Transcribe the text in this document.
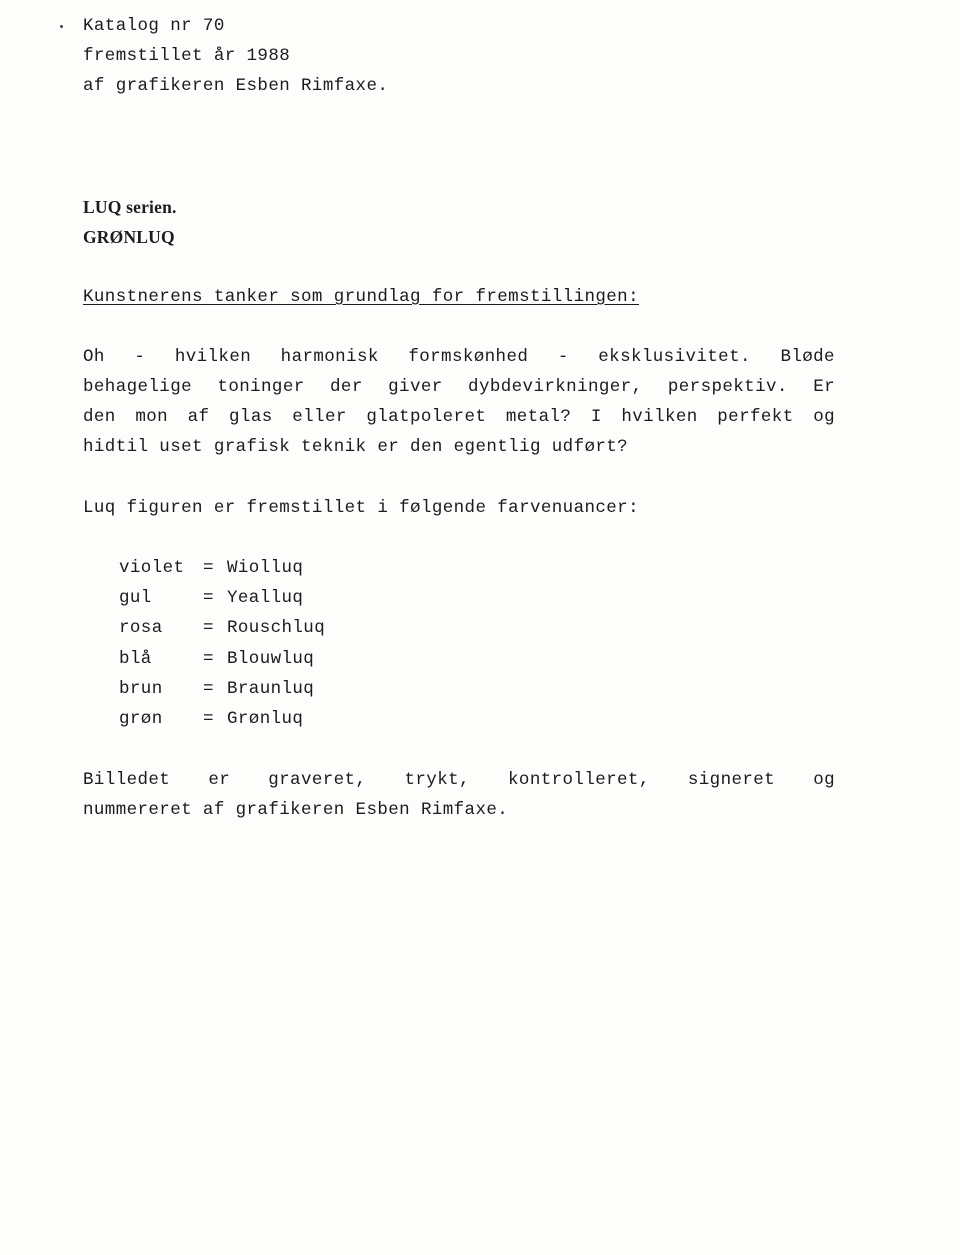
Katalog nr 70
fremstillet år 1988
af grafikeren Esben Rimfaxe.
LUQ serien.
GRØNLUQ
Kunstnerens tanker som grundlag for fremstillingen:
Oh - hvilken harmonisk formskønhed - eksklusivitet. Bløde
behagelige toninger der giver dybdevirkninger, perspektiv. Er
den mon af glas eller glatpoleret metal? I hvilken perfekt og
hidtil uset grafisk teknik er den egentlig udført?
Luq figuren er fremstillet i følgende farvenuancer:
violet = Wiolluq
gul	= Yealluq
rosa = Rouschluq
blå	= Blouwluq
brun = Braunluq
grøn = Grønluq
Billedet er graveret, trykt, kontrolleret, signeret og
nummereret af grafikeren Esben Rimfaxe.
